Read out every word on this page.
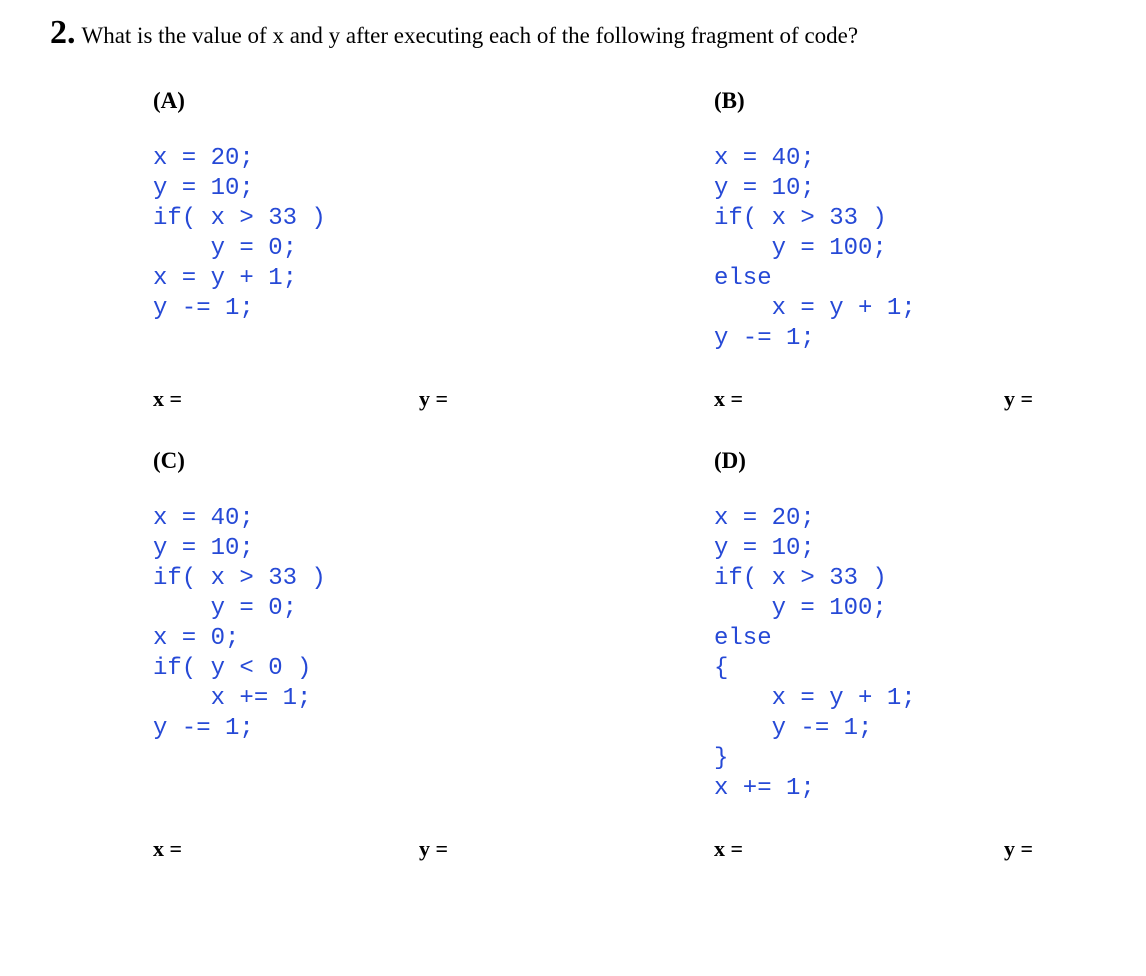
2. What is the value of x and y after executing each of the following fragment of code?
(A)
x = 20;
y = 10;
if( x > 33 )
y = 0;
x = y + 1;
y -= 1;
x =	y =
(B)
x = 40;
y = 10;
if( x > 33 )
y = 100;
else
x = y + 1;
y -= 1;
x =	y =
(C)
x = 40;
y = 10;
if( x > 33 )
y = 0;
x = 0;
if( y < 0 )
x += 1;
y -= 1;
x =	y =
(D)
x = 20;
y = 10;
if( x > 33 )
y = 100;
else
{
x = y + 1;
y -= 1;
}
x += 1;
x =	y =
